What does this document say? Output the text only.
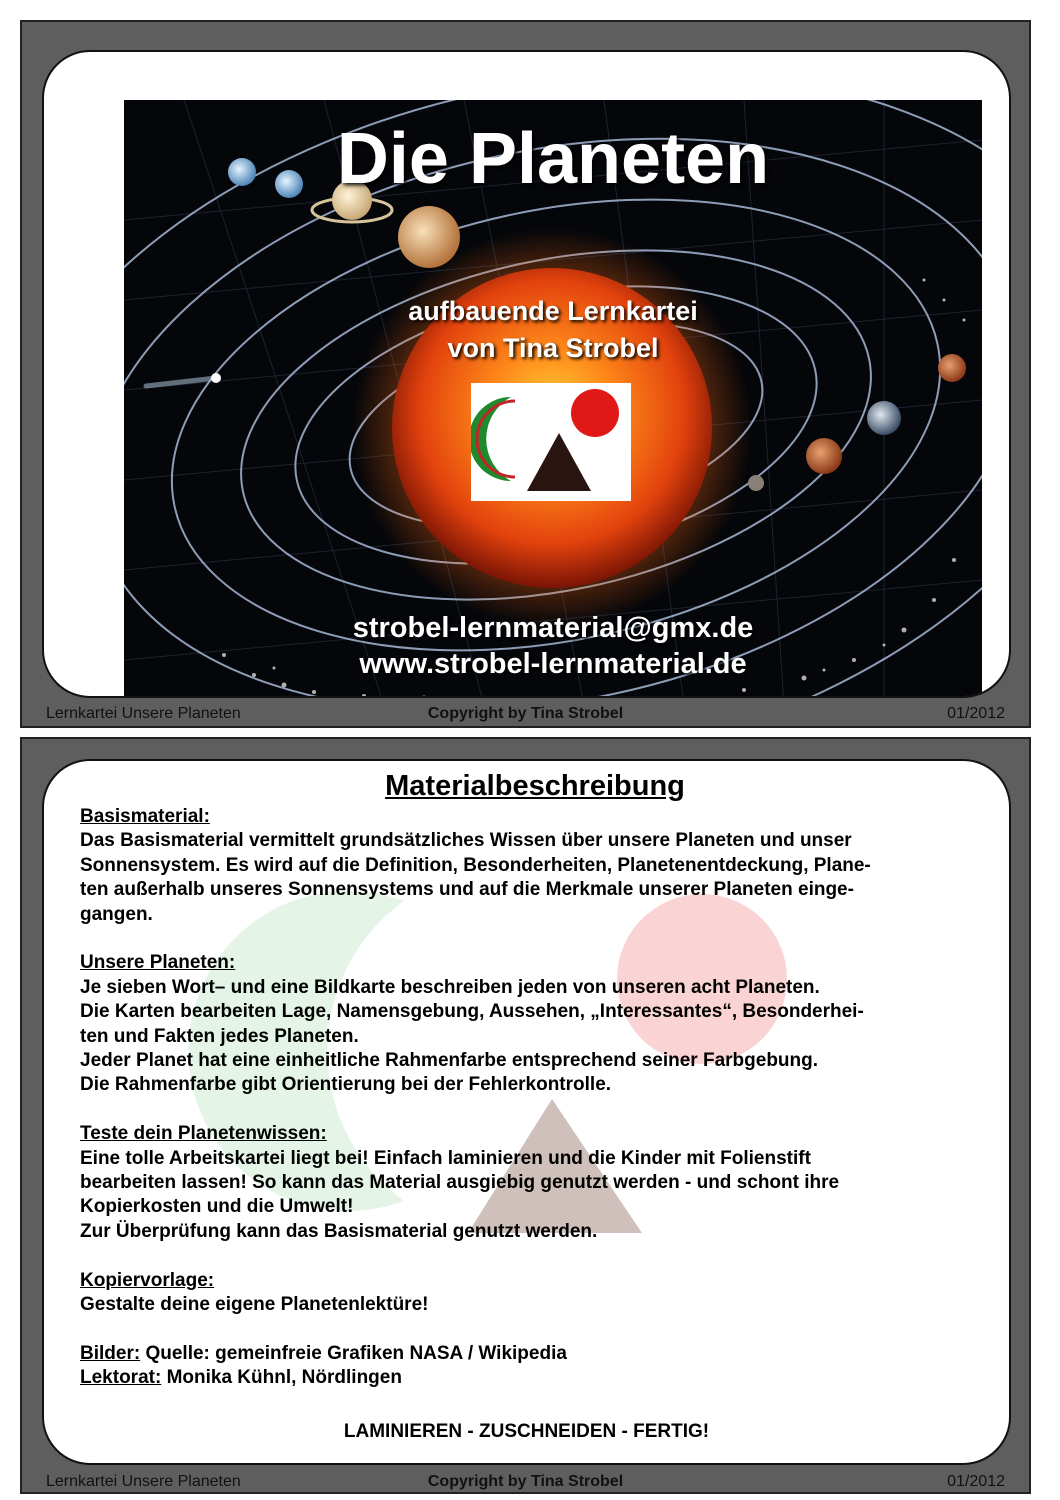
Die Planeten
aufbauende Lernkartei
von Tina Strobel
strobel-lernmaterial@gmx.de
www.strobel-lernmaterial.de
Lernkartei Unsere Planeten	Copyright by Tina Strobel	01/2012
Materialbeschreibung
Basismaterial:
Das Basismaterial vermittelt grundsätzliches Wissen über unsere Planeten und unser
Sonnensystem. Es wird auf die Definition, Besonderheiten, Planetenentdeckung, Plane-
ten außerhalb unseres Sonnensystems und auf die Merkmale unserer Planeten einge-
gangen.
Unsere Planeten:
Je sieben Wort– und eine Bildkarte beschreiben jeden von unseren acht Planeten.
Die Karten bearbeiten Lage, Namensgebung, Aussehen, „Interessantes“, Besonderhei-
ten und Fakten jedes Planeten.
Jeder Planet hat eine einheitliche Rahmenfarbe entsprechend seiner Farbgebung.
Die Rahmenfarbe gibt Orientierung bei der Fehlerkontrolle.
Teste dein Planetenwissen:
Eine tolle Arbeitskartei liegt bei! Einfach laminieren und die Kinder mit Folienstift
bearbeiten lassen! So kann das Material ausgiebig genutzt werden - und schont ihre
Kopierkosten und die Umwelt!
Zur Überprüfung kann das Basismaterial genutzt werden.
Kopiervorlage:
Gestalte deine eigene Planetenlektüre!
Bilder: Quelle: gemeinfreie Grafiken NASA / Wikipedia
Lektorat: Monika Kühnl, Nördlingen
LAMINIEREN - ZUSCHNEIDEN - FERTIG!
Lernkartei Unsere Planeten	Copyright by Tina Strobel	01/2012
